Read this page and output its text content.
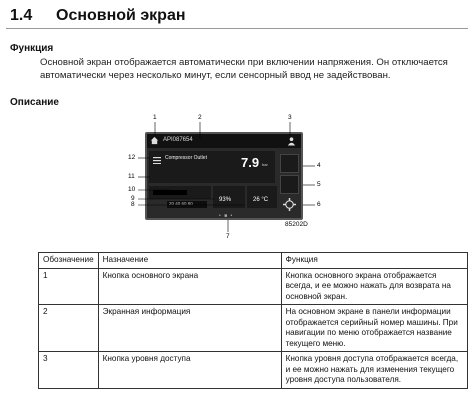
1.4 Основной экран
Функция
Основной экран отображается автоматически при включении напряжения. Он отключается автоматически через несколько минут, если сенсорный ввод не задействован.
Описание
API087654
Compressor Outlet	7.9 bar
93%	26 °C
20 40 60 80
• ■ •
1	2	3
4
5
6
7
8
9
10
11
12
85202D
Обозначение	Назначение	Функция
1	Кнопка основного экрана	Кнопка основного экрана отображается всегда, и ее можно нажать для возврата на основной экран.
2	Экранная информация	На основном экране в панели информации отображается серийный номер машины. При навигации по меню отображается название текущего меню.
3	Кнопка уровня доступа	Кнопка уровня доступа отображается всегда, и ее можно нажать для изменения текущего уровня доступа пользователя.
